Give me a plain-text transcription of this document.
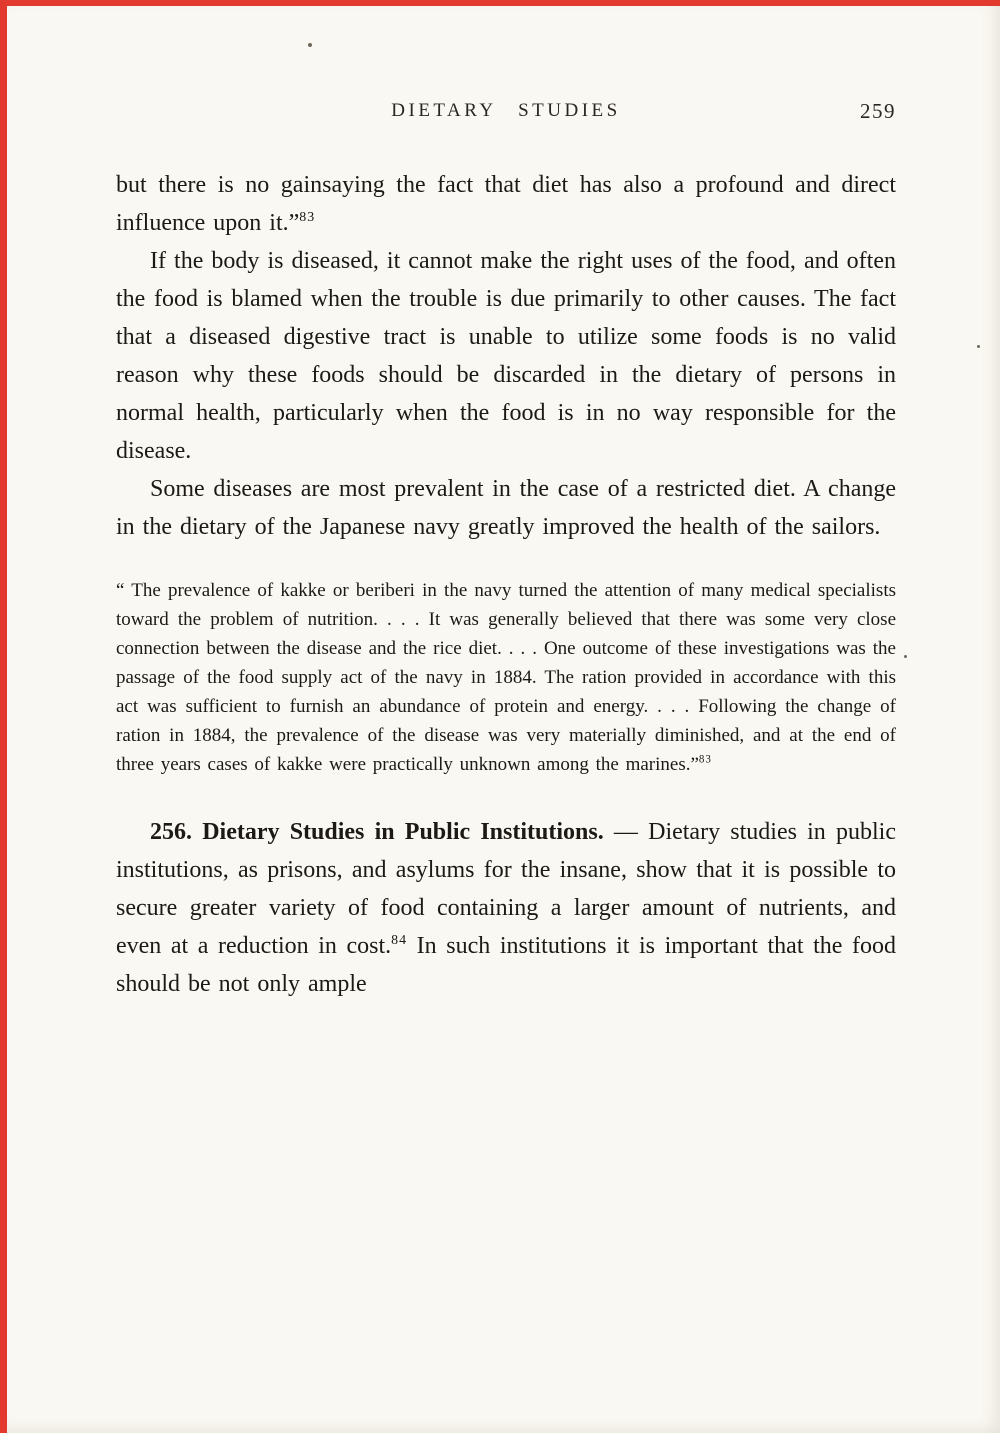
DIETARY STUDIES	259

but there is no gainsaying the fact that diet has also a profound and direct influence upon it.”$^{83}$

If the body is diseased, it cannot make the right uses of the food, and often the food is blamed when the trouble is due primarily to other causes. The fact that a diseased digestive tract is unable to utilize some foods is no valid reason why these foods should be discarded in the dietary of persons in normal health, particularly when the food is in no way responsible for the disease.

Some diseases are most prevalent in the case of a restricted diet. A change in the dietary of the Japanese navy greatly improved the health of the sailors.

“ The prevalence of kakke or beriberi in the navy turned the attention of many medical specialists toward the problem of nutrition. . . . It was generally believed that there was some very close connection between the disease and the rice diet. . . . One outcome of these investigations was the passage of the food supply act of the navy in 1884. The ration provided in accordance with this act was sufficient to furnish an abundance of protein and energy. . . . Following the change of ration in 1884, the prevalence of the disease was very materially diminished, and at the end of three years cases of kakke were practically unknown among the marines.”$^{83}$

256. Dietary Studies in Public Institutions. — Dietary studies in public institutions, as prisons, and asylums for the insane, show that it is possible to secure greater variety of food containing a larger amount of nutrients, and even at a reduction in cost.$^{84}$ In such institutions it is important that the food should be not only ample
